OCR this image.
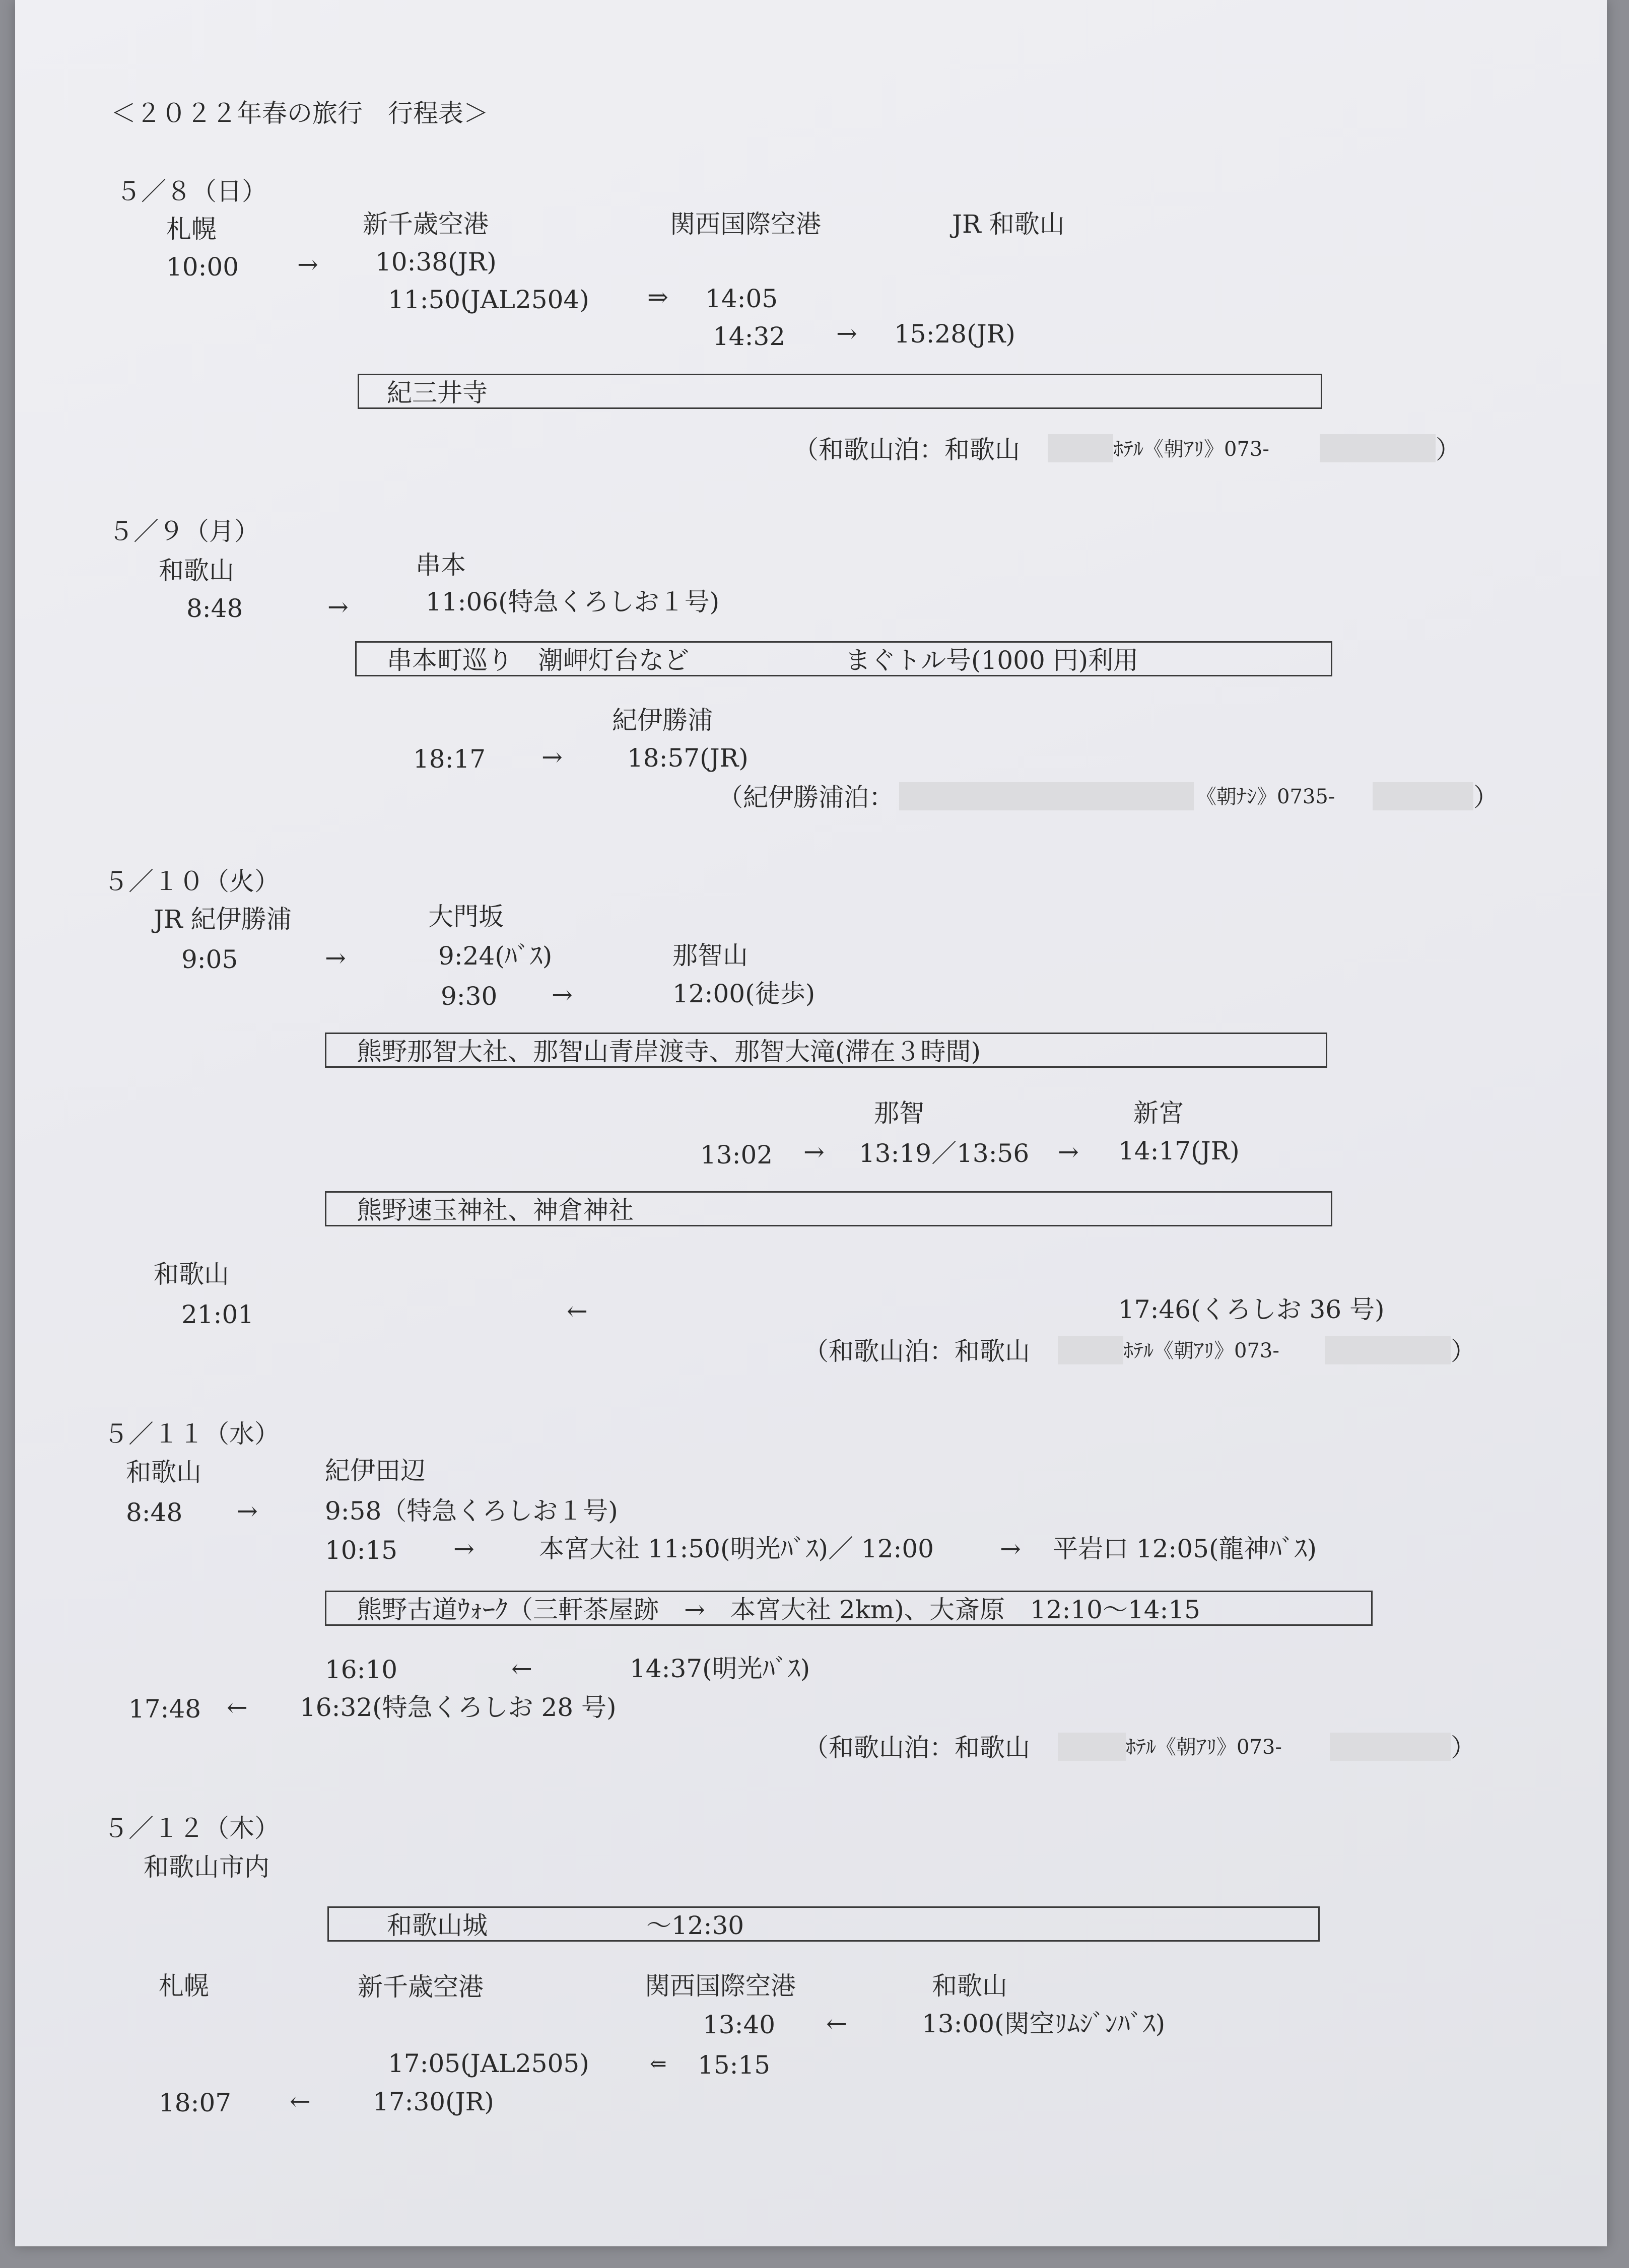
＜２０２２年春の旅行　行程表＞
５／８（日）
札幌	新千歳空港	関西国際空港	JR 和歌山
10:00 → 10:38(JR)
11:50(JAL2504) ⇒ 14:05
14:32 → 15:28(JR)
紀三井寺
（和歌山泊：和歌山	ﾎﾃﾙ《朝ｱﾘ》073-	）
５／９（月）
和歌山	串本
8:48	→	11:06(特急くろしお１号)
串本町巡り　潮岬灯台など	まぐトル号(1000 円)利用
紀伊勝浦
18:17 →	18:57(JR)
（紀伊勝浦泊：	《朝ﾅｼ》0735-	）
５／１０（火）
JR 紀伊勝浦	大門坂
9:05	→	9:24(ﾊﾞｽ)	那智山
9:30 →	12:00(徒歩)
熊野那智大社、那智山青岸渡寺、那智大滝(滞在３時間)
那智	新宮
13:02 → 13:19／13:56 → 14:17(JR)
熊野速玉神社、神倉神社
和歌山
21:01	←	17:46(くろしお 36 号)
（和歌山泊：和歌山	ﾎﾃﾙ《朝ｱﾘ》073-	）
５／１１（水）
和歌山	紀伊田辺
8:48 →	9:58（特急くろしお１号)
10:15 →	本宮大社 11:50(明光ﾊﾞｽ)／ 12:00	→ 平岩口 12:05(龍神ﾊﾞｽ)
熊野古道ｳｫｰｸ（三軒茶屋跡　→　本宮大社 2km)、大斎原　12:10～14:15
16:10	←	14:37(明光ﾊﾞｽ)
17:48 ← 16:32(特急くろしお 28 号)
（和歌山泊：和歌山	ﾎﾃﾙ《朝ｱﾘ》073-	）
５／１２（木）
和歌山市内
和歌山城	～12:30
札幌	新千歳空港	関西国際空港	和歌山
13:40 ←	13:00(関空ﾘﾑｼﾞﾝﾊﾞｽ)
17:05(JAL2505)	⇐ 15:15
18:07 ← 17:30(JR)
